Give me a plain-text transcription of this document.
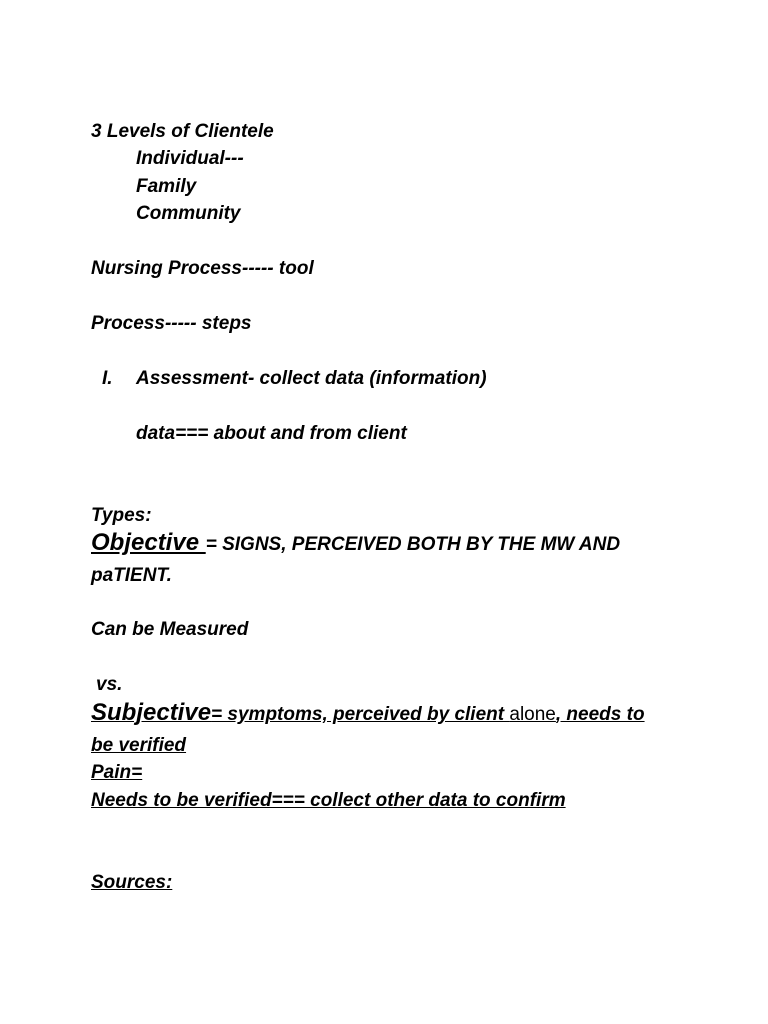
3 Levels of Clientele
Individual---
Family
Community
Nursing Process----- tool
Process----- steps
I. Assessment- collect data (information)
data=== about and from client
Types:
Objective = SIGNS, PERCEIVED BOTH BY THE MW AND
paTIENT.
Can be Measured
vs.
Subjective= symptoms, perceived by client alone, needs to
be verified
Pain=
Needs to be verified=== collect other data to confirm
Sources:
